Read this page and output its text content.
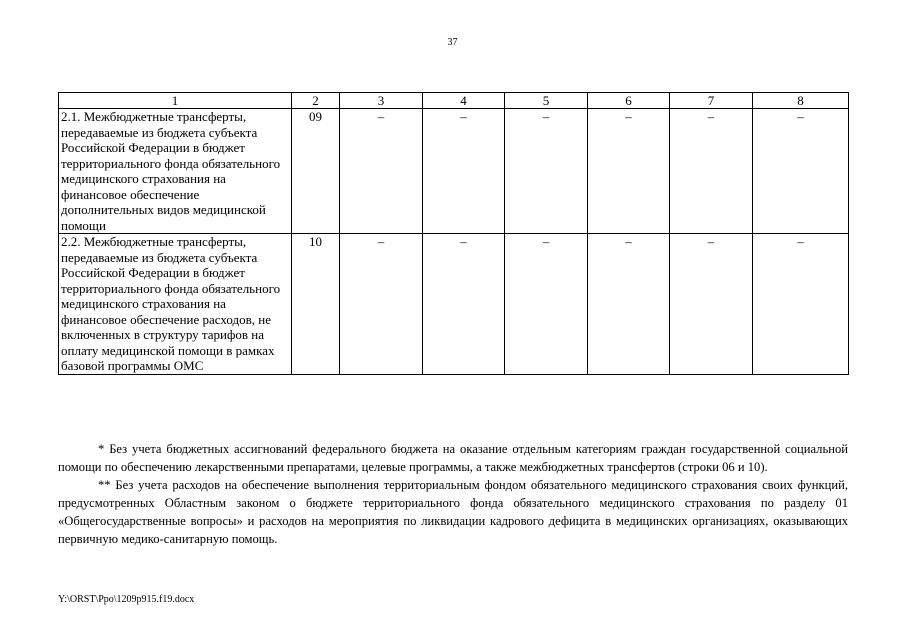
37
1	2	3	4	5	6	7	8
2.1. Межбюджетные трансферты, передаваемые из бюджета субъекта Российской Федерации в бюджет территориального фонда обязательного медицинского страхования на финансовое обеспечение дополнительных видов медицинской помощи	09	–	–	–	–	–	–
2.2. Межбюджетные трансферты, передаваемые из бюджета субъекта Российской Федерации в бюджет территориального фонда обязательного медицинского страхования на финансовое обеспечение расходов, не включенных в структуру тарифов на оплату медицинской помощи в рамках базовой программы ОМС	10	–	–	–	–	–	–

* Без учета бюджетных ассигнований федерального бюджета на оказание отдельным категориям граждан государственной социальной помощи по обеспечению лекарственными препаратами, целевые программы, а также межбюджетных трансфертов (строки 06 и 10).

** Без учета расходов на обеспечение выполнения территориальным фондом обязательного медицинского страхования своих функций, предусмотренных Областным законом о бюджете территориального фонда обязательного медицинского страхования по разделу 01 «Общегосударственные вопросы» и расходов на мероприятия по ликвидации кадрового дефицита в медицинских организациях, оказывающих первичную медико-санитарную помощь.

Y:\ORST\Ppo\1209p915.f19.docx
